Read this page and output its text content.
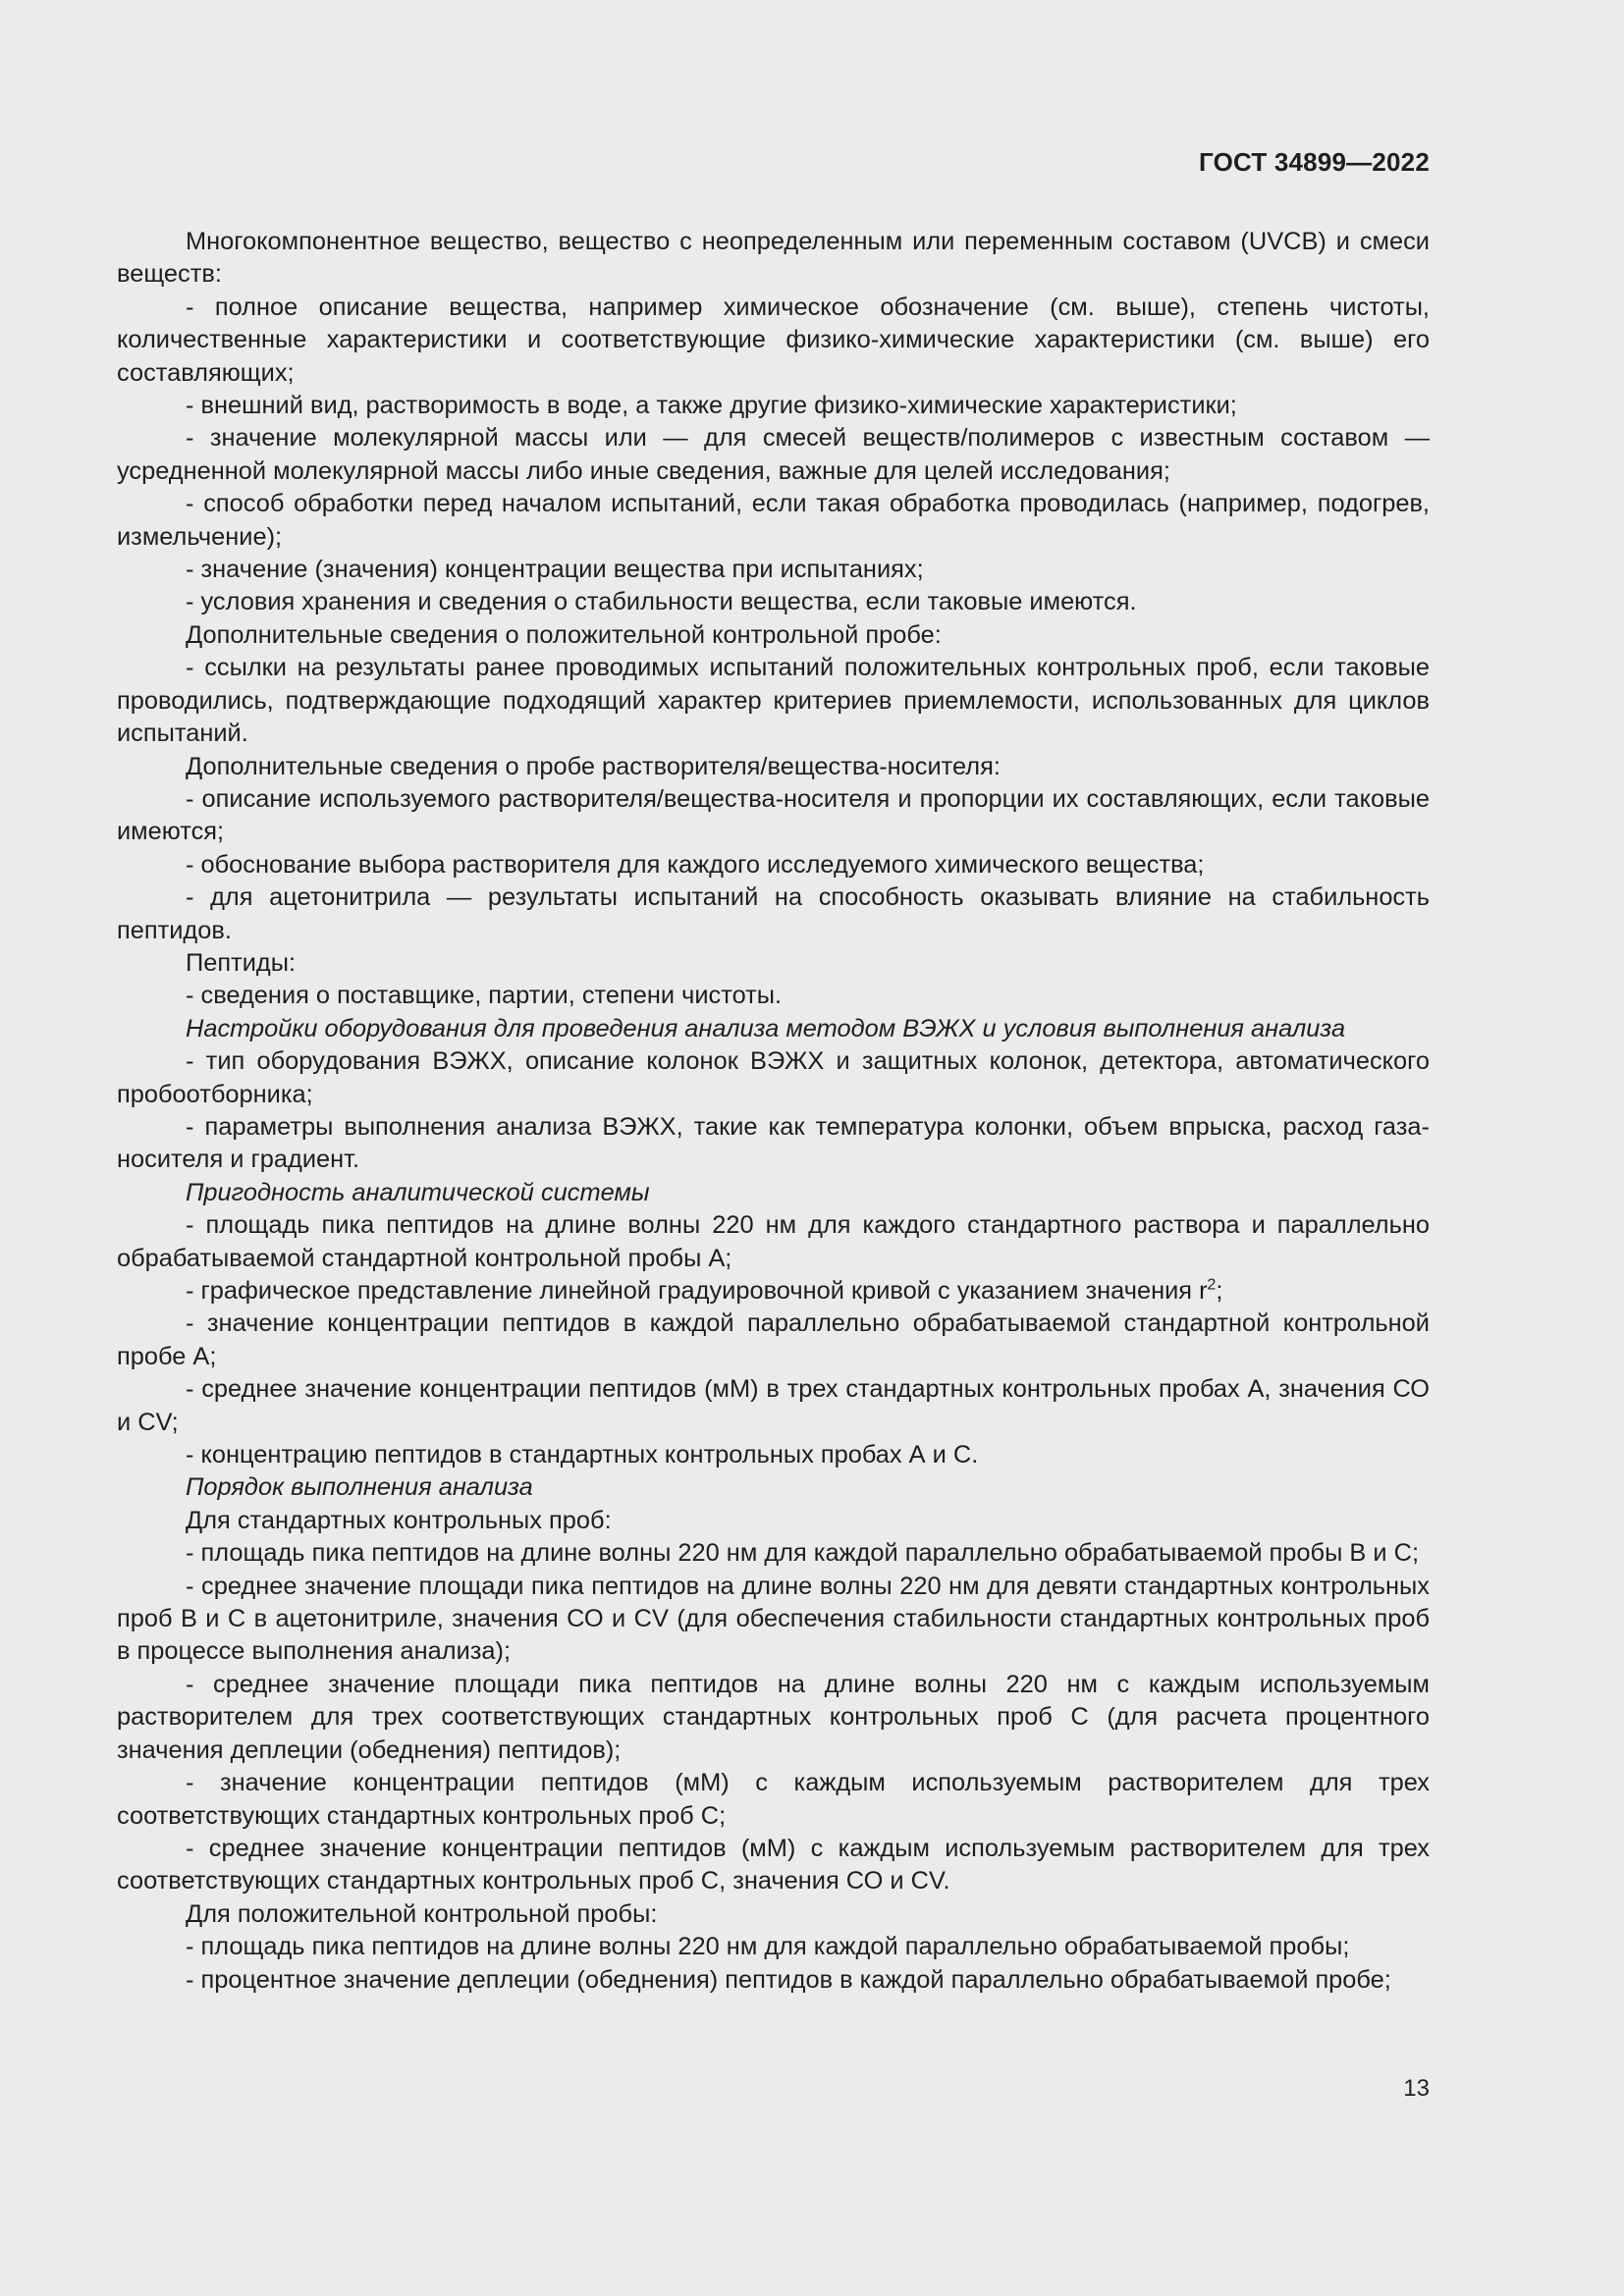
ГОСТ 34899—2022

Многокомпонентное вещество, вещество с неопределенным или переменным составом (UVCB) и смеси веществ:

- полное описание вещества, например химическое обозначение (см. выше), степень чистоты, количественные характеристики и соответствующие физико-химические характеристики (см. выше) его составляющих;

- внешний вид, растворимость в воде, а также другие физико-химические характеристики;

- значение молекулярной массы или — для смесей веществ/полимеров с известным составом — усредненной молекулярной массы либо иные сведения, важные для целей исследования;

- способ обработки перед началом испытаний, если такая обработка проводилась (например, подогрев, измельчение);

- значение (значения) концентрации вещества при испытаниях;

- условия хранения и сведения о стабильности вещества, если таковые имеются.

Дополнительные сведения о положительной контрольной пробе:

- ссылки на результаты ранее проводимых испытаний положительных контрольных проб, если таковые проводились, подтверждающие подходящий характер критериев приемлемости, использованных для циклов испытаний.

Дополнительные сведения о пробе растворителя/вещества-носителя:

- описание используемого растворителя/вещества-носителя и пропорции их составляющих, если таковые имеются;

- обоснование выбора растворителя для каждого исследуемого химического вещества;

- для ацетонитрила — результаты испытаний на способность оказывать влияние на стабильность пептидов.

Пептиды:

- сведения о поставщике, партии, степени чистоты.

Настройки оборудования для проведения анализа методом ВЭЖХ и условия выполнения анализа

- тип оборудования ВЭЖХ, описание колонок ВЭЖХ и защитных колонок, детектора, автоматического пробоотборника;

- параметры выполнения анализа ВЭЖХ, такие как температура колонки, объем впрыска, расход газа-носителя и градиент.

Пригодность аналитической системы

- площадь пика пептидов на длине волны 220 нм для каждого стандартного раствора и параллельно обрабатываемой стандартной контрольной пробы А;

- графическое представление линейной градуировочной кривой с указанием значения $r^2$;

- значение концентрации пептидов в каждой параллельно обрабатываемой стандартной контрольной пробе А;

- среднее значение концентрации пептидов (мМ) в трех стандартных контрольных пробах А, значения СО и CV;

- концентрацию пептидов в стандартных контрольных пробах А и С.

Порядок выполнения анализа

Для стандартных контрольных проб:

- площадь пика пептидов на длине волны 220 нм для каждой параллельно обрабатываемой пробы В и С;

- среднее значение площади пика пептидов на длине волны 220 нм для девяти стандартных контрольных проб В и С в ацетонитриле, значения СО и CV (для обеспечения стабильности стандартных контрольных проб в процессе выполнения анализа);

- среднее значение площади пика пептидов на длине волны 220 нм с каждым используемым растворителем для трех соответствующих стандартных контрольных проб С (для расчета процентного значения деплеции (обеднения) пептидов);

- значение концентрации пептидов (мМ) с каждым используемым растворителем для трех соответствующих стандартных контрольных проб С;

- среднее значение концентрации пептидов (мМ) с каждым используемым растворителем для трех соответствующих стандартных контрольных проб С, значения СО и CV.

Для положительной контрольной пробы:

- площадь пика пептидов на длине волны 220 нм для каждой параллельно обрабатываемой пробы;

- процентное значение деплеции (обеднения) пептидов в каждой параллельно обрабатываемой пробе;

13
